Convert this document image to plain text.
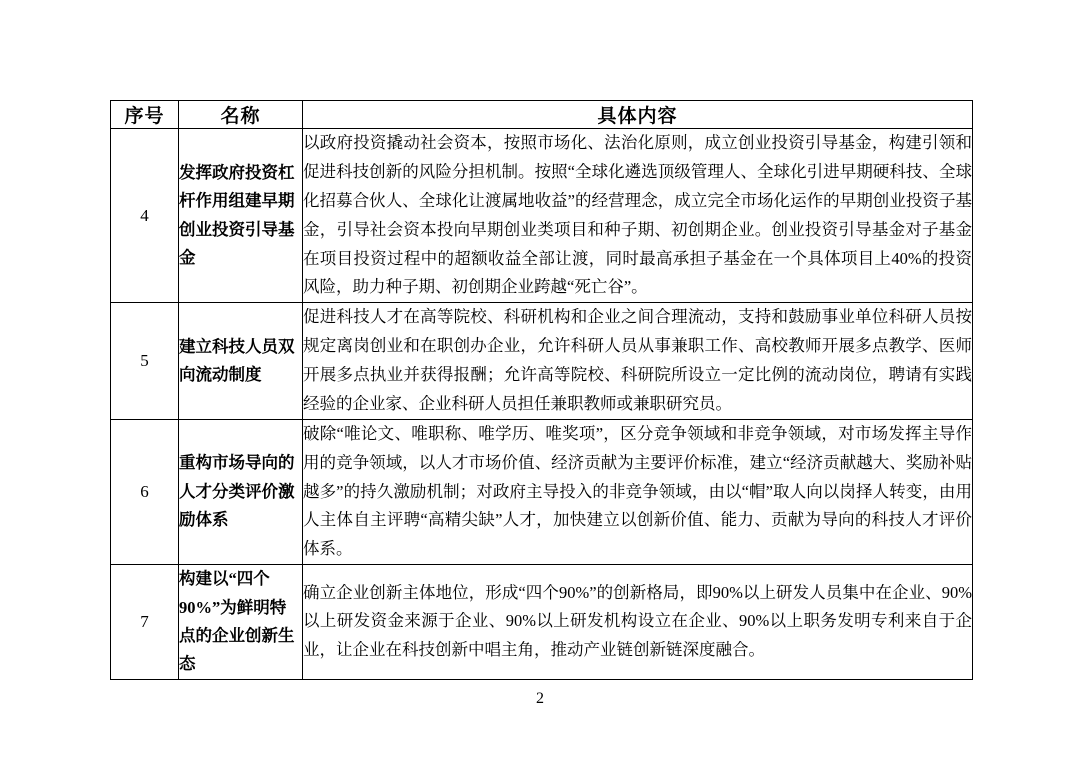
序号	名称	具体内容
4	发挥政府投资杠杆作用组建早期创业投资引导基金	以政府投资撬动社会资本，按照市场化、法治化原则，成立创业投资引导基金，构建引领和促进科技创新的风险分担机制。按照“全球化遴选顶级管理人、全球化引进早期硬科技、全球化招募合伙人、全球化让渡属地收益”的经营理念，成立完全市场化运作的早期创业投资子基金，引导社会资本投向早期创业类项目和种子期、初创期企业。创业投资引导基金对子基金在项目投资过程中的超额收益全部让渡，同时最高承担子基金在一个具体项目上40%的投资风险，助力种子期、初创期企业跨越“死亡谷”。
5	建立科技人员双向流动制度	促进科技人才在高等院校、科研机构和企业之间合理流动，支持和鼓励事业单位科研人员按规定离岗创业和在职创办企业，允许科研人员从事兼职工作、高校教师开展多点教学、医师开展多点执业并获得报酬；允许高等院校、科研院所设立一定比例的流动岗位，聘请有实践经验的企业家、企业科研人员担任兼职教师或兼职研究员。
6	重构市场导向的人才分类评价激励体系	破除“唯论文、唯职称、唯学历、唯奖项”，区分竞争领域和非竞争领域，对市场发挥主导作用的竞争领域，以人才市场价值、经济贡献为主要评价标准，建立“经济贡献越大、奖励补贴越多”的持久激励机制；对政府主导投入的非竞争领域，由以“帽”取人向以岗择人转变，由用人主体自主评聘“高精尖缺”人才，加快建立以创新价值、能力、贡献为导向的科技人才评价体系。
7	构建以“四个90%”为鲜明特点的企业创新生态	确立企业创新主体地位，形成“四个90%”的创新格局，即90%以上研发人员集中在企业、90%以上研发资金来源于企业、90%以上研发机构设立在企业、90%以上职务发明专利来自于企业，让企业在科技创新中唱主角，推动产业链创新链深度融合。
2
